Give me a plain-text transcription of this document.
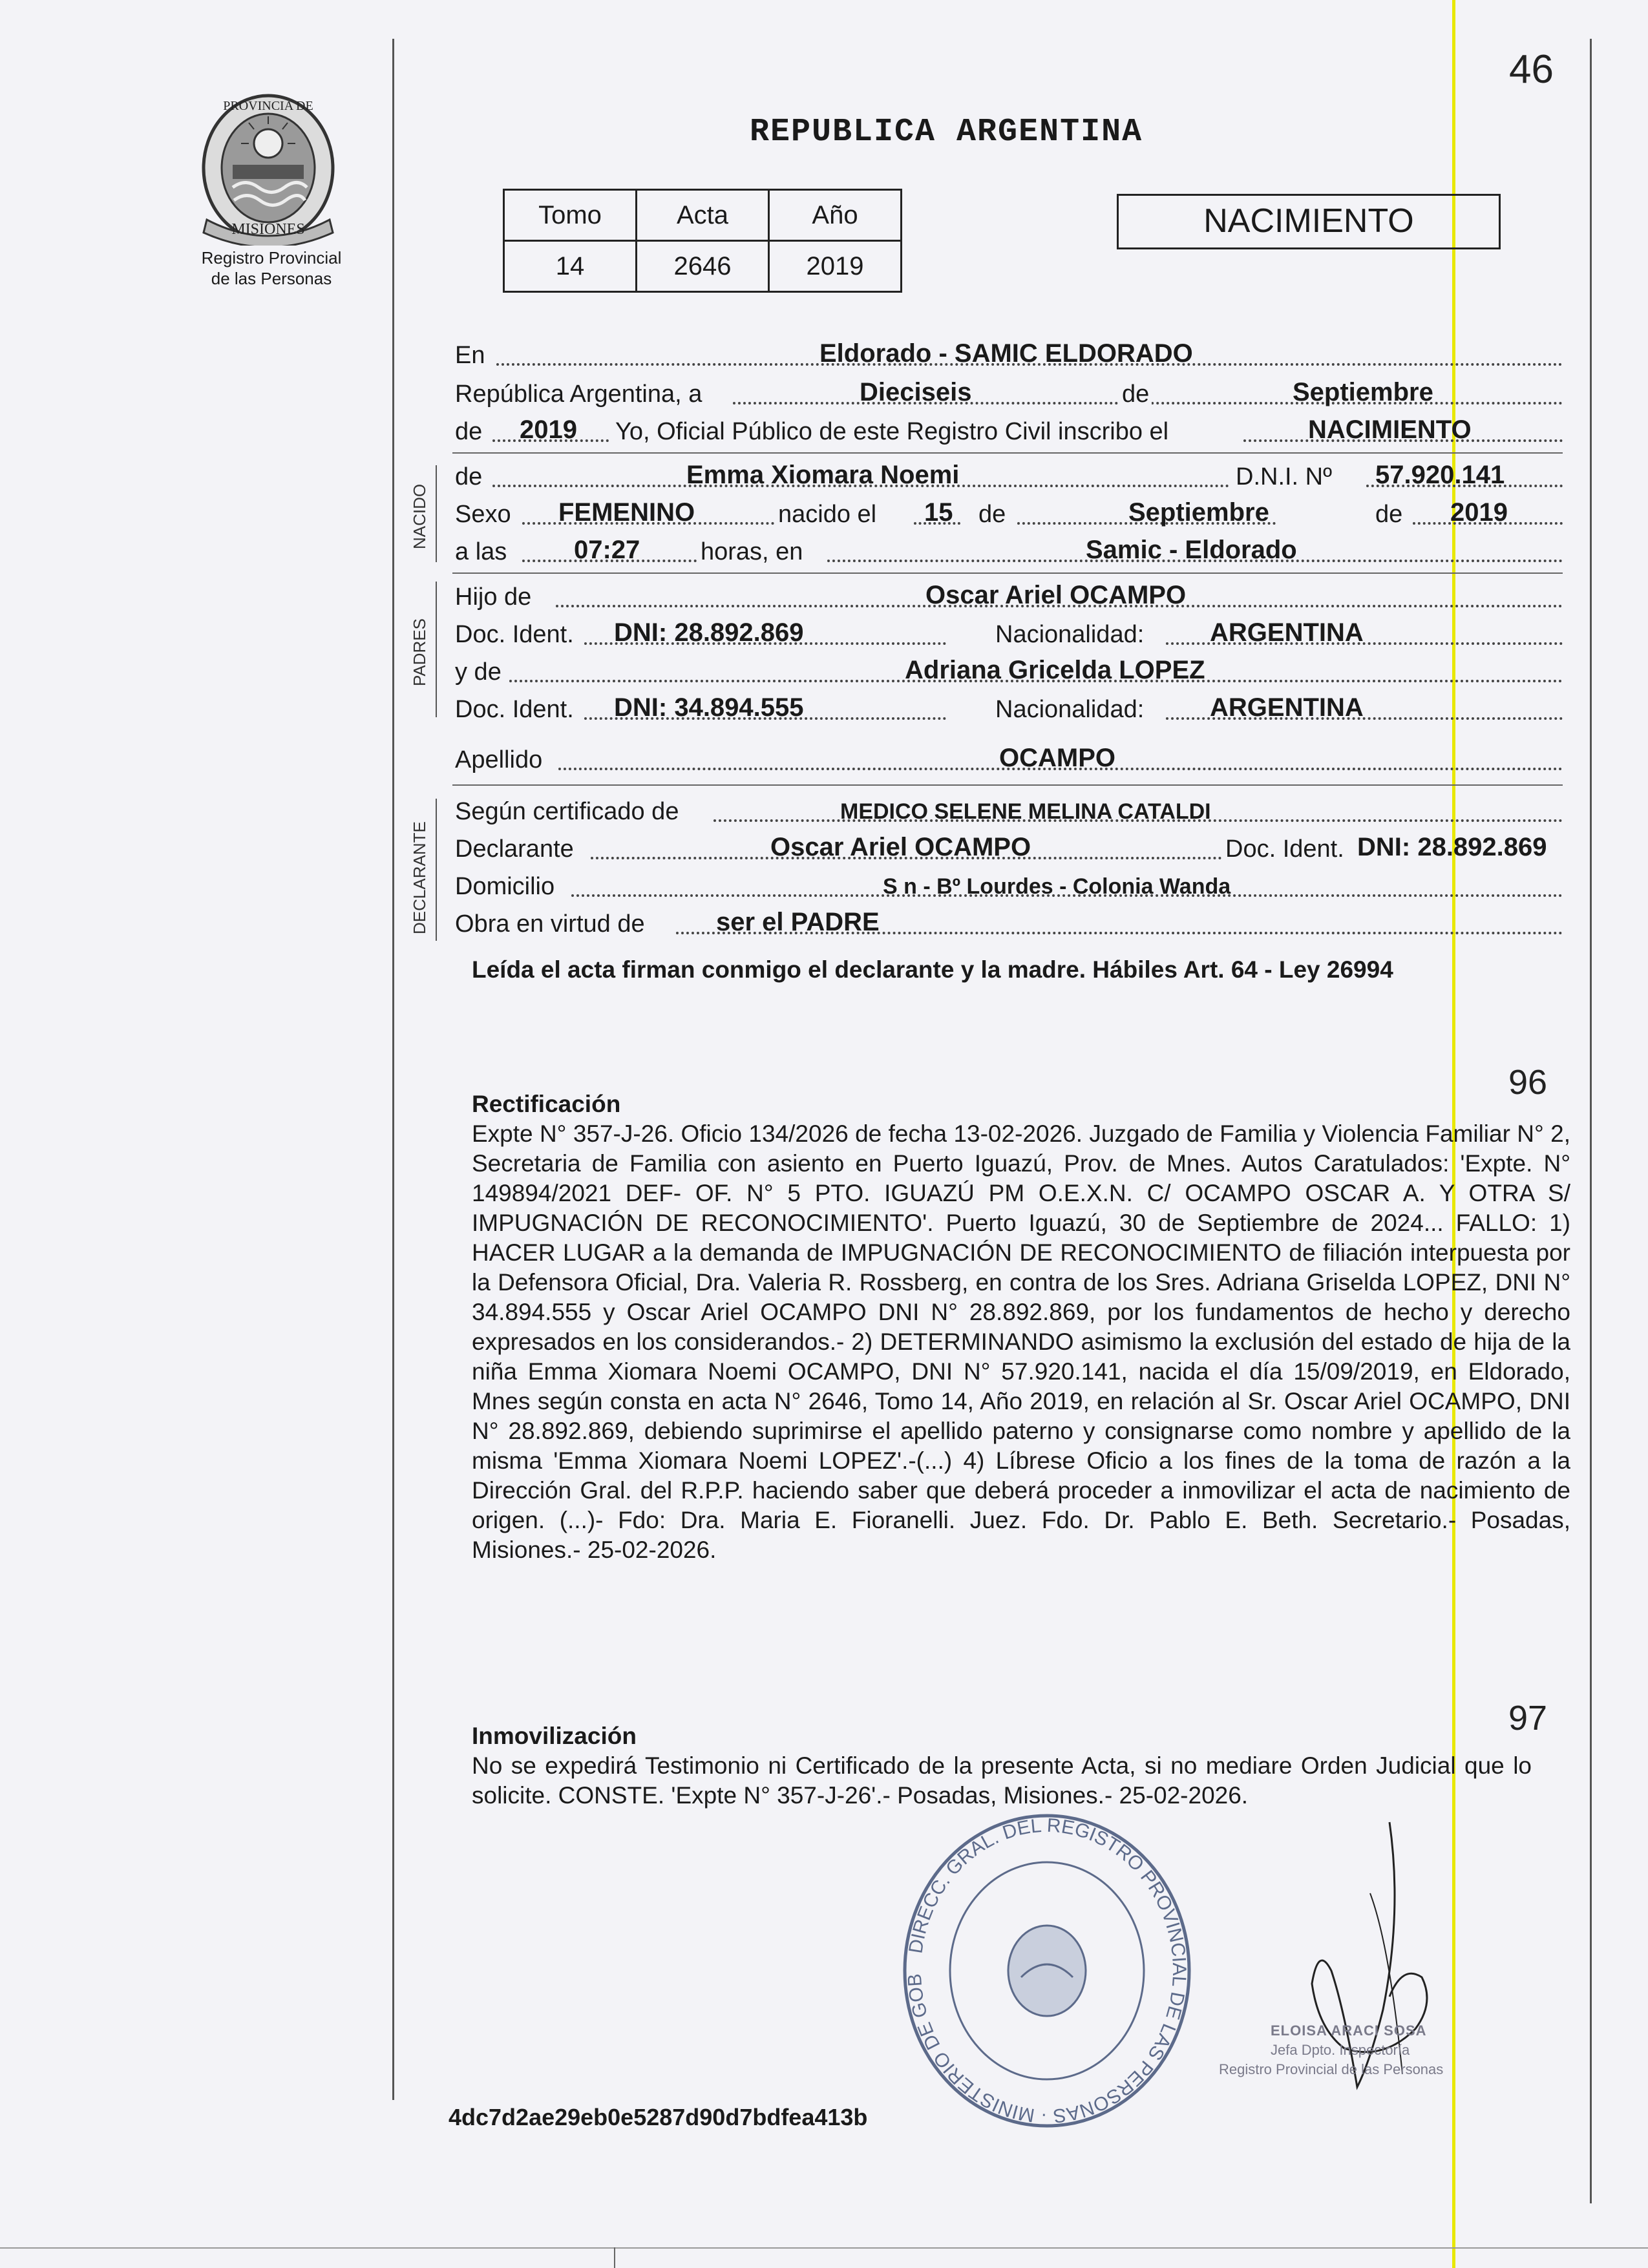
46
MISIONES
PROVINCIA DE
Registro Provincial
de las Personas
REPUBLICA ARGENTINA
Tomo	Acta	Año
14	2646	2019
NACIMIENTO
En	Eldorado - SAMIC ELDORADO
República Argentina, a	Dieciseis	de	Septiembre
de 2019 Yo, Oficial Público de este Registro Civil inscribo el	NACIMIENTO
NACIDO
de	Emma Xiomara Noemi	D.N.I. Nº 57.920.141
Sexo FEMENINO	nacido el 15 de	Septiembre	de 2019
a las	07:27 horas, en	Samic - Eldorado
PADRES
Hijo de	Oscar Ariel OCAMPO
Doc. Ident. DNI: 28.892.869	Nacionalidad:	ARGENTINA
y de	Adriana Gricelda LOPEZ
Doc. Ident. DNI: 34.894.555	Nacionalidad:	ARGENTINA
Apellido	OCAMPO
DECLARANTE
Según certificado de	MEDICO SELENE MELINA CATALDI
Declarante	Oscar Ariel OCAMPO	Doc. Ident. DNI: 28.892.869
Domicilio	S n - Bº Lourdes - Colonia Wanda
Obra en virtud de	ser el PADRE
Leída el acta firman conmigo el declarante y la madre. Hábiles Art. 64 - Ley 26994
96
Rectificación
Expte N° 357-J-26. Oficio 134/2026 de fecha 13-02-2026. Juzgado de Familia y Violencia Familiar N° 2, Secretaria de Familia con asiento en Puerto Iguazú, Prov. de Mnes. Autos Caratulados: 'Expte. N° 149894/2021 DEF- OF. N° 5 PTO. IGUAZÚ PM O.E.X.N. C/ OCAMPO OSCAR A. Y OTRA S/ IMPUGNACIÓN DE RECONOCIMIENTO'. Puerto Iguazú, 30 de Septiembre de 2024... FALLO: 1) HACER LUGAR a la demanda de IMPUGNACIÓN DE RECONOCIMIENTO de filiación interpuesta por la Defensora Oficial, Dra. Valeria R. Rossberg, en contra de los Sres. Adriana Griselda LOPEZ, DNI N° 34.894.555 y Oscar Ariel OCAMPO DNI N° 28.892.869, por los fundamentos de hecho y derecho expresados en los considerandos.- 2) DETERMINANDO asimismo la exclusión del estado de hija de la niña Emma Xiomara Noemi OCAMPO, DNI N° 57.920.141, nacida el día 15/09/2019, en Eldorado, Mnes según consta en acta N° 2646, Tomo 14, Año 2019, en relación al Sr. Oscar Ariel OCAMPO, DNI N° 28.892.869, debiendo suprimirse el apellido paterno y consignarse como nombre y apellido de la misma 'Emma Xiomara Noemi LOPEZ'.-(...) 4) Líbrese Oficio a los fines de la toma de razón a la Dirección Gral. del R.P.P. haciendo saber que deberá proceder a inmovilizar el acta de nacimiento de origen. (...)- Fdo: Dra. Maria E. Fioranelli. Juez. Fdo. Dr. Pablo E. Beth. Secretario.- Posadas, Misiones.- 25-02-2026.
97
Inmovilización
No se expedirá Testimonio ni Certificado de la presente Acta, si no mediare Orden Judicial que lo solicite. CONSTE. 'Expte N° 357-J-26'.- Posadas, Misiones.- 25-02-2026.
DIRECC. GRAL. DEL REGISTRO PROVINCIAL DE LAS PERSONAS · MINISTERIO DE GOB
ELOISA ARACI SOSA
Jefa Dpto. Inspectoría
Registro Provincial de las Personas
4dc7d2ae29eb0e5287d90d7bdfea413b
